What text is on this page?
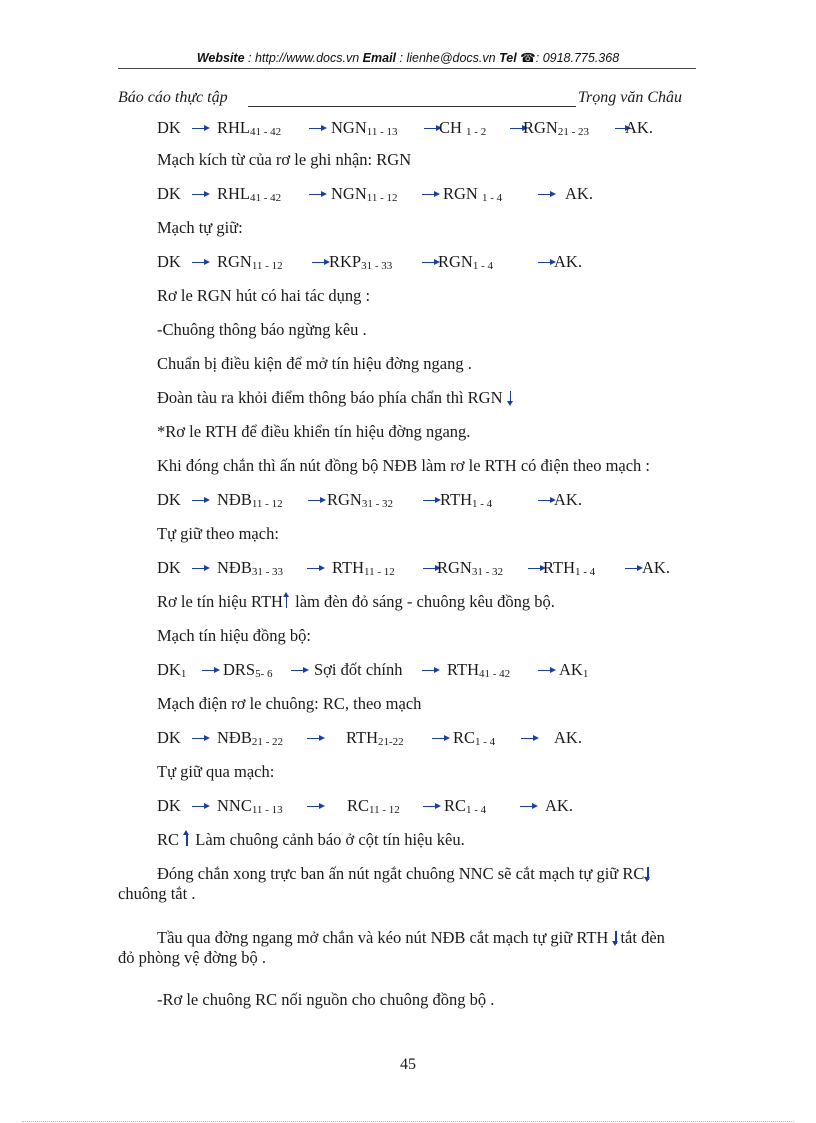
Website : http://www.docs.vn Email : lienhe@docs.vn Tel ☎: 0918.775.368
Báo cáo thực tập	Trọng văn Châu
DK $RHL_{41 - 42}$	$NGN_{11 - 13}$	CH $_{1 - 2}$ $RGN_{21 - 23}$ AK.
Mạch kích từ của rơ le ghi nhận: RGN
DK $RHL_{41 - 42}$	$NGN_{11 - 12}$	RGN $_{1 - 4}$	AK.
Mạch tự giữ:
DK $RGN_{11 - 12}$	$RKP_{31 - 33}$	$RGN_{1 - 4}$	AK.
Rơ le RGN hút có hai tác dụng :
-Chuông thông báo ngừng kêu .
Chuẩn bị điều kiện để mở tín hiệu đờng ngang .
Đoàn tàu ra khỏi điểm thông báo phía chẩn thì RGN
*Rơ le RTH để điều khiển tín hiệu đờng ngang.
Khi đóng chắn thì ấn nút đồng bộ NĐB làm rơ le RTH có điện theo mạch :
DK $NĐB_{11 - 12}$	$RGN_{31 - 32}$	$RTH_{1 - 4}$	AK.
Tự giữ theo mạch:
DK $NĐB_{31 - 33}$	$RTH_{11 - 12}$	$RGN_{31 - 32}$ $RTH_{1 - 4}$	AK.
Rơ le tín hiệu RTH làm đèn đỏ sáng - chuông kêu đồng bộ.
Mạch tín hiệu đồng bộ:
$DK_1$ $DRS_{5- 6}$	Sợi đốt chính	$RTH_{41 - 42}$	$AK_1$
Mạch điện rơ le chuông: RC, theo mạch
DK $NĐB_{21 - 22}$	$RTH_{21-22}$	$RC_{1 - 4}$	AK.
Tự giữ qua mạch:
DK $NNC_{11 - 13}$	$RC_{11 - 12}$	$RC_{1 - 4}$	AK.
RC  Làm chuông cảnh báo ở cột tín hiệu kêu.
Đóng chắn xong trực ban ấn nút ngắt chuông NNC sẽ cắt mạch tự giữ RC
chuông tắt .
Tầu qua đờng ngang mở chắn và kéo nút NĐB cắt mạch tự giữ RTH tắt đèn
đỏ phòng vệ đờng bộ .
-Rơ le chuông RC nối nguồn cho chuông đồng bộ .
45
